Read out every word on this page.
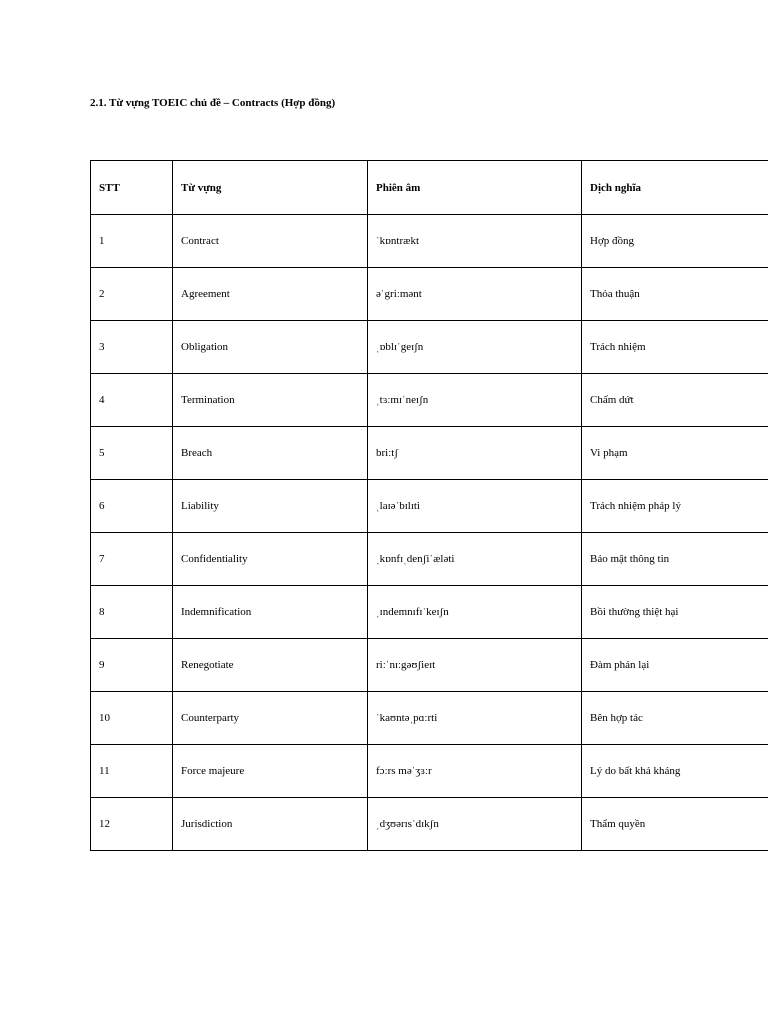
2.1. Từ vựng TOEIC chủ đề – Contracts (Hợp đồng)
STT	Từ vựng	Phiên âm	Dịch nghĩa
1	Contract	ˈkɒntrækt	Hợp đồng
2	Agreement	əˈgriːmənt	Thỏa thuận
3	Obligation	ˌɒblɪˈgeɪʃn	Trách nhiệm
4	Termination	ˌtɜːmɪˈneɪʃn	Chấm dứt
5	Breach	briːtʃ	Vi phạm
6	Liability	ˌlaɪəˈbɪlɪti	Trách nhiệm pháp lý
7	Confidentiality	ˌkɒnfɪˌdenʃiˈæləti	Bảo mật thông tin
8	Indemnification	ˌɪndemnɪfɪˈkeɪʃn	Bồi thường thiệt hại
9	Renegotiate	riːˈnɪːgəʊʃieɪt	Đàm phán lại
10	Counterparty	ˈkaʊntəˌpɑːrti	Bên hợp tác
11	Force majeure	fɔːrs məˈʒɜːr	Lý do bất khả kháng
12	Jurisdiction	ˌdʒʊərɪsˈdɪkʃn	Thẩm quyền
